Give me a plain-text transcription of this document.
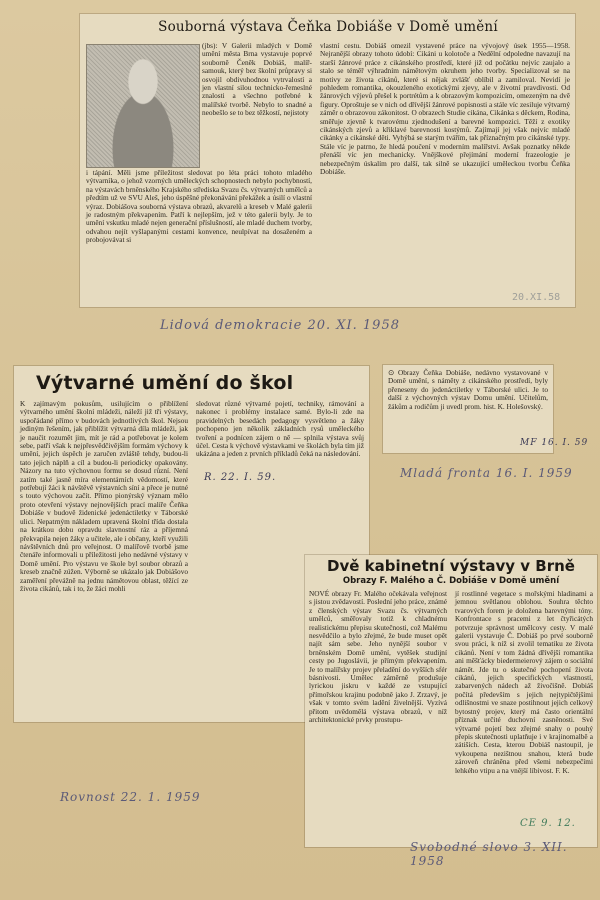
Souborná výstava Čeňka Dobiáše v Domě umění

(jbs): V Galerii mladých v Domě umění města Brna vystavuje poprvé souborně Čeněk Dobiáš, malíř-samouk, který bez školní průpravy si osvojil obdivuhodnou vytrvalostí a jen vlastní silou technicko-řemeslné znalosti a všechno potřebné k malířské tvorbě. Nebylo to snadné a neobešlo se to bez těžkostí, nejistoty

i tápání. Měli jsme příležitost sledovat po léta práci tohoto mladého výtvarníka, o jehož vzorných uměleckých schopnostech nebylo pochybností, na výstavách brněnského Krajského střediska Svazu čs. výtvarných umělců a předtím už ve SVU Aleš, jeho úspěšné překonávání překážek a úsilí o vlastní výraz. Dobiášova souborná výstava obrazů, akvarelů a kreseb v Malé galerii je radostným překvapením. Patří k nejlepším, jež v této galerii byly. Je to umění vskutku mladé nejen generační příslušností, ale mladé duchem tvorby, odvahou nejít vyšlapanými cestami konvence, neulpívat na dosaženém a probojovávat si

vlastní cestu. Dobiáš omezil vystavené práce na vývojový úsek 1955—1958. Nejranější obrazy tohoto údobí: Cikáni u kolotoče a Nedělní odpoledne navazují na starší žánrové práce z cikánského prostředí, které již od počátku nejvíc zaujalo a stalo se téměř výhradním námětovým okruhem jeho tvorby. Specializoval se na motivy ze života cikánů, které si nějak zvlášť oblíbil a zamiloval. Nevidí je pohledem romantika, okouzleného exotickými zjevy, ale v životní pravdivosti. Od žánrových výjevů přešel k portrétům a k obrazovým kompozicím, omezeným na dvě figury. Oproštuje se v nich od dřívější žánrové popisnosti a stále víc zesiluje výtvarný zámĕr o obrazovou zákonitost. O obrazech Studie cikána, Cikánka s děckem, Rodina, směřuje zjevně k tvarovému zjednodušení a barevné kompozici. Těží z exotiky cikánských zjevů a křiklavé barevnosti kostýmů. Zajímají jej však nejvíc mladé cikánky a cikánské děti. Vyhýbá se starým tvářím, tak příznačným pro cikánské typy. Stále víc je patrno, že hledá poučení v moderním malířství. Avšak poznatky někde přenáší víc jen mechanicky. Vnějškové přejímání moderní frazeologie je nebezpečným úskalím pro další, tak silně se ukazující uměleckou tvorbu Čeňka Dobiáše.

20.XI.58
Lidová demokracie 20. XI. 1958
Výtvarné umění do škol

K zajímavým pokusům, usilujícím o přiblížení výtvarného umění školní mládeži, náleží již tři výstavy, uspořádané přímo v budovách jednotlivých škol. Nejsou jediným řešením, jak přiblížit výtvarná díla mládeži, jak je naučit rozumět jim, mít je rád a potřebovat je kolem sebe, patří však k nejpřesvědčivějším formám výchovy k umění, jejich úspěch je zaručen zvláště tehdy, budou-li tato jejich náplň a cíl a budou-li periodicky opakovány. Názory na tuto výchovnou formu se dosud různí. Není zatím také jasně míra elementárních vědomostí, které potřebují žáci k návštěvě výstavních síní a přece je nutné s touto výchovou začít. Přímo pionýrský význam mělo proto otevření výstavy nejnovějších prací malíře Čeňka Dobiáše v budově židenické jedenáctiletky v Táborské ulici. Nepatrným nákladem upravená školní třída dostala na krátkou dobu opravdu slavnostní ráz a příjemná překvapila nejen žáky a učitele, ale i občany, kteří využili návštěvních dnů pro veřejnost. O malířově tvorbě jsme čtenáře informovali u příležitosti jeho nedávné výstavy v Domě umění. Pro výstavu ve škole byl soubor obrazů a kreseb značně zúžen. Výborně se ukázalo jak Dobiášovo zaměření převážně na jednu námětovou oblast, těžící ze života cikánů, tak i to, že žáci mohli

sledovat různé výtvarné pojetí, techniky, rámování a nakonec i problémy instalace samé. Bylo-li zde na pravidelných besedách pedagogy vysvětleno a žáky pochopeno jen několik základních rysů uměleckého tvoření a podnícen zájem o ně — splnila výstava svůj účel. Cesta k výchově výstavkami ve školách byla tím již ukázána a jeden z prvních příkladů čeká na následování.

R. 22. I. 59.

⊙ Obrazy Čeňka Dobiáše, nedávno vystavované v Domě umění, s náměty z cikánského prostředí, byly přeneseny do jedenáctiletky v Táborské ulici. Je to další z výchovných výstav Domu umění. Učitelům, žákům a rodičům ji uvedl prom. hist. K. Holešovský.

MF 16. I. 59
Mladá fronta 16. I. 1959
Rovnost 22. 1. 1959
Dvě kabinetní výstavy v Brně
Obrazy F. Malého a Č. Dobiáše v Domě umění

NOVÉ obrazy Fr. Malého očekávala veřejnost s jistou zvědavostí. Poslední jeho práce, známé z členských výstav Svazu čs. výtvarných umělců, směřovaly totiž k chladnému realistickému přepisu skutečnosti, což Malému nesvědčilo a bylo zřejmé, že bude muset opět najít sám sebe. Jeho nynější soubor v brněnském Domě umění, vytěšek studijní cesty po Jugoslávii, je přímým překvapením. Je to malířsky projev přeladění do vyšších sfér básnivosti. Umělec záměrně produšuje lyrickou jiskru v každé ze vstupující přímořskou krajinu podobně jako J. Zrzavý, je však v tomto svém ladění živelnější. Vyzívá přitom uvědomělá výstava obrazů, v níž architektonické prvky prostupu-

jí rostlinné vegetace s mořskými hladinami a jemnou světlanou oblohou. Souhra těchto tvarových forem je doložena barevnými tóny. Konfrontace s pracemi z let čtyřicátých potvrzuje správnost umělcovy cesty. V malé galerii vystavuje Č. Dobiáš po prvé souborně svou práci, k níž si zvolil tematiku ze života cikánů. Není v tom žádná dřívější romantika ani měšťácky biedermeierový zájem o sociální námět. Jde tu o skutečné pochopení života cikánů, jejich specifických vlastností, zabarvených nádech až živočišně. Dobiáš počítá především s jejich nejtypičtějšími odlišnostmi ve snaze postihnout jejich celkový bytostný projev, který má často orientální příznak určité duchovní zasněnosti. Své výtvarné pojetí bez zřejmé snahy o pouhý přepis skutečnosti uplatňuje i v krajinomalbě a zátiších. Cesta, kterou Dobiáš nastoupil, je vykoupena nezištnou snahou, která bude zároveň chráněna před všemi nebezpečími lehkého vtipu a na vnější líbivost. F. K.

CE 9. 12.
Svobodné slovo 3. XII. 1958
